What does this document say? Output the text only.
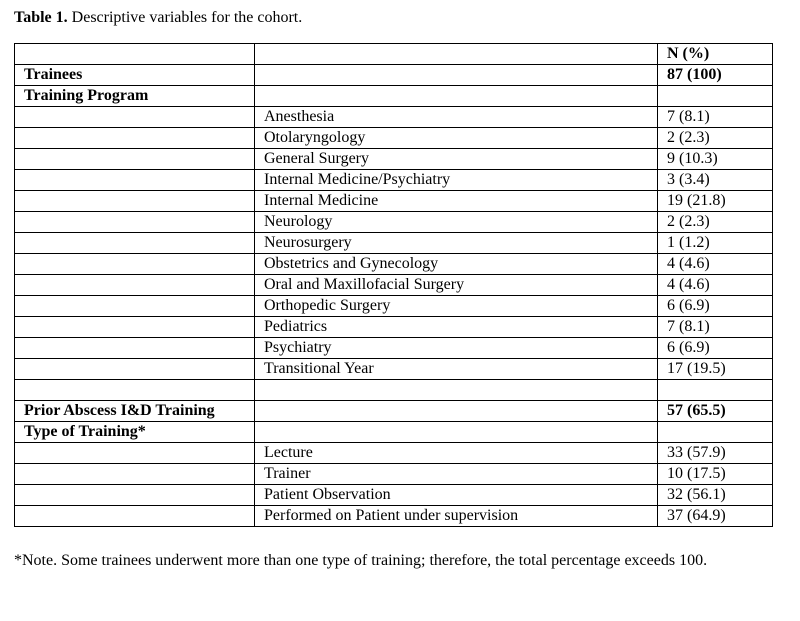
Table 1. Descriptive variables for the cohort.
		N (%)
Trainees		87 (100)
Training Program		
	Anesthesia	7 (8.1)
	Otolaryngology	2 (2.3)
	General Surgery	9 (10.3)
	Internal Medicine/Psychiatry	3 (3.4)
	Internal Medicine	19 (21.8)
	Neurology	2 (2.3)
	Neurosurgery	1 (1.2)
	Obstetrics and Gynecology	4 (4.6)
	Oral and Maxillofacial Surgery	4 (4.6)
	Orthopedic Surgery	6 (6.9)
	Pediatrics	7 (8.1)
	Psychiatry	6 (6.9)
	Transitional Year	17 (19.5)

Prior Abscess I&D Training		57 (65.5)
Type of Training*		
	Lecture	33 (57.9)
	Trainer	10 (17.5)
	Patient Observation	32 (56.1)
	Performed on Patient under supervision	37 (64.9)
*Note. Some trainees underwent more than one type of training; therefore, the total percentage exceeds 100.
